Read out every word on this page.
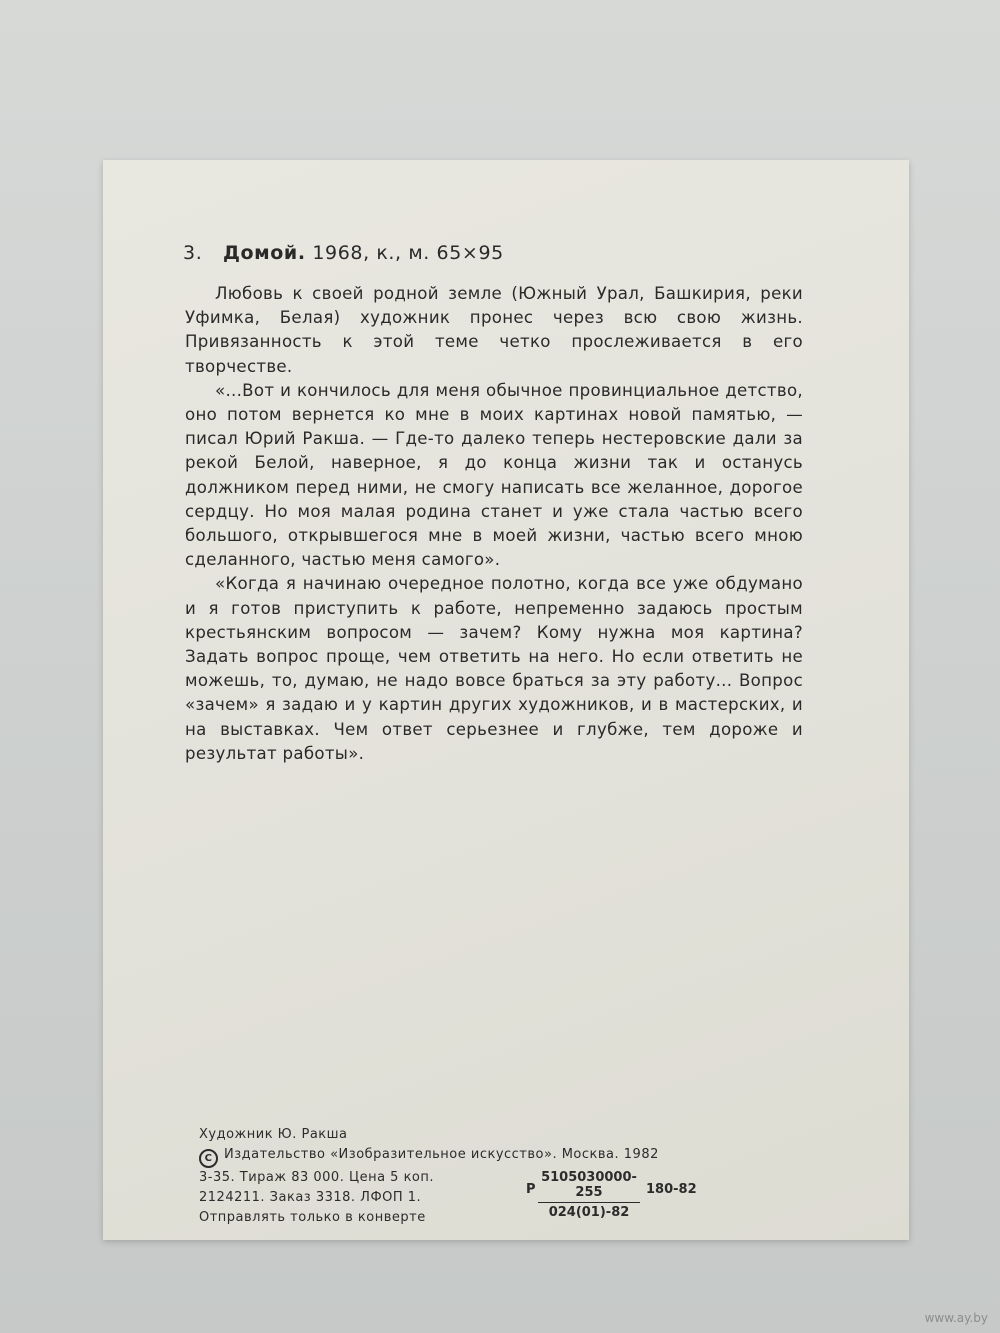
3. Домой. 1968, к., м. 65×95

Любовь к своей родной земле (Южный Урал, Башкирия, реки Уфимка, Белая) художник пронес через всю свою жизнь. Привязанность к этой теме четко прослеживается в его творчестве.

«...Вот и кончилось для меня обычное провинциальное детство, оно потом вернется ко мне в моих картинах новой памятью, — писал Юрий Ракша. — Где-то далеко теперь нестеровские дали за рекой Белой, наверное, я до конца жизни так и останусь должником перед ними, не смогу написать все желанное, дорогое сердцу. Но моя малая родина станет и уже стала частью всего большого, открывшегося мне в моей жизни, частью всего мною сделанного, частью меня самого».

«Когда я начинаю очередное полотно, когда все уже обдумано и я готов приступить к работе, непременно задаюсь простым крестьянским вопросом — зачем? Кому нужна моя картина? Задать вопрос проще, чем ответить на него. Но если ответить не можешь, то, думаю, не надо вовсе браться за эту работу... Вопрос «зачем» я задаю и у картин других художников, и в мастерских, и на выставках. Чем ответ серьезнее и глубже, тем дороже и результат работы».

Художник Ю. Ракша
C Издательство «Изобразительное искусство». Москва. 1982
3-35. Тираж 83 000. Цена 5 коп.
2124211. Заказ 3318. ЛФОП 1.
Отправлять только в конверте
Р $\frac{5105030000-255}{024(01)-82} 180-82$
www.ay.by
